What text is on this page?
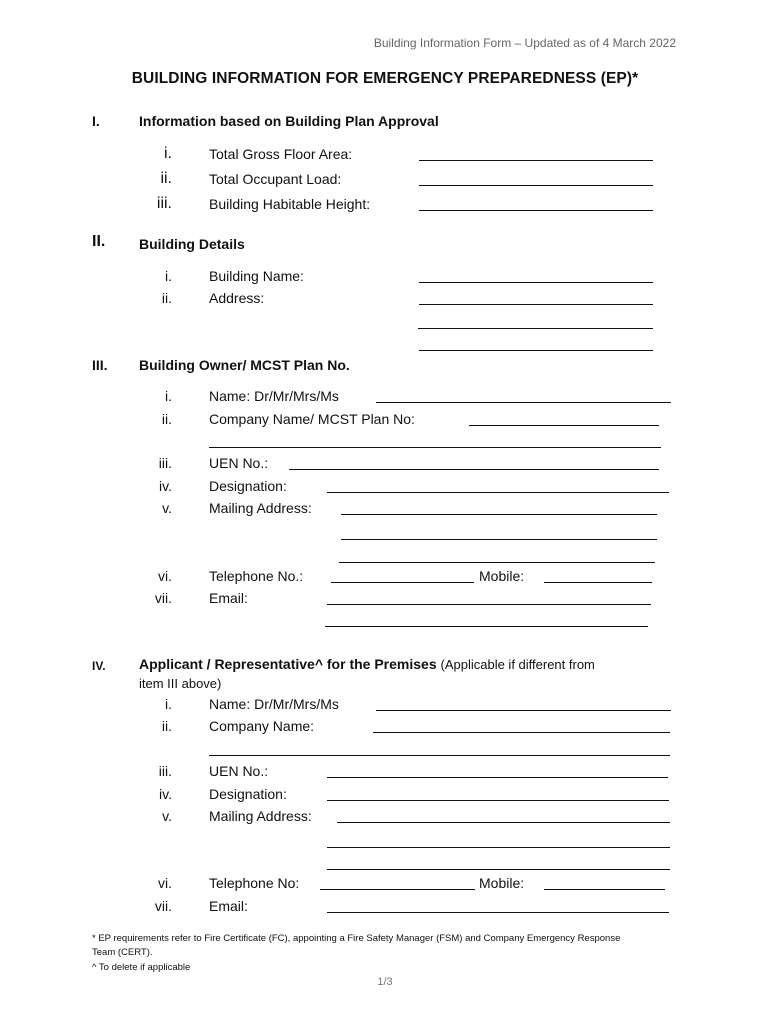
Building Information Form – Updated as of 4 March 2022
BUILDING INFORMATION FOR EMERGENCY PREPAREDNESS (EP)*
I.	Information based on Building Plan Approval
i.	Total Gross Floor Area:
ii.	Total Occupant Load:
iii.	Building Habitable Height:
II. Building Details
i.	Building Name:
ii.	Address:
III. Building Owner/ MCST Plan No.
i.	Name: Dr/Mr/Mrs/Ms
ii.	Company Name/ MCST Plan No:
iii.	UEN No.:
iv.	Designation:
v.	Mailing Address:
vi.	Telephone No.:	Mobile:
vii.	Email:
IV. Applicant / Representative^ for the Premises (Applicable if different from
item III above)
i.	Name: Dr/Mr/Mrs/Ms
ii.	Company Name:
iii.	UEN No.:
iv.	Designation:
v.	Mailing Address:
vi.	Telephone No:	Mobile:
vii.	Email:
* EP requirements refer to Fire Certificate (FC), appointing a Fire Safety Manager (FSM) and Company Emergency Response
Team (CERT).
^ To delete if applicable
1/3
